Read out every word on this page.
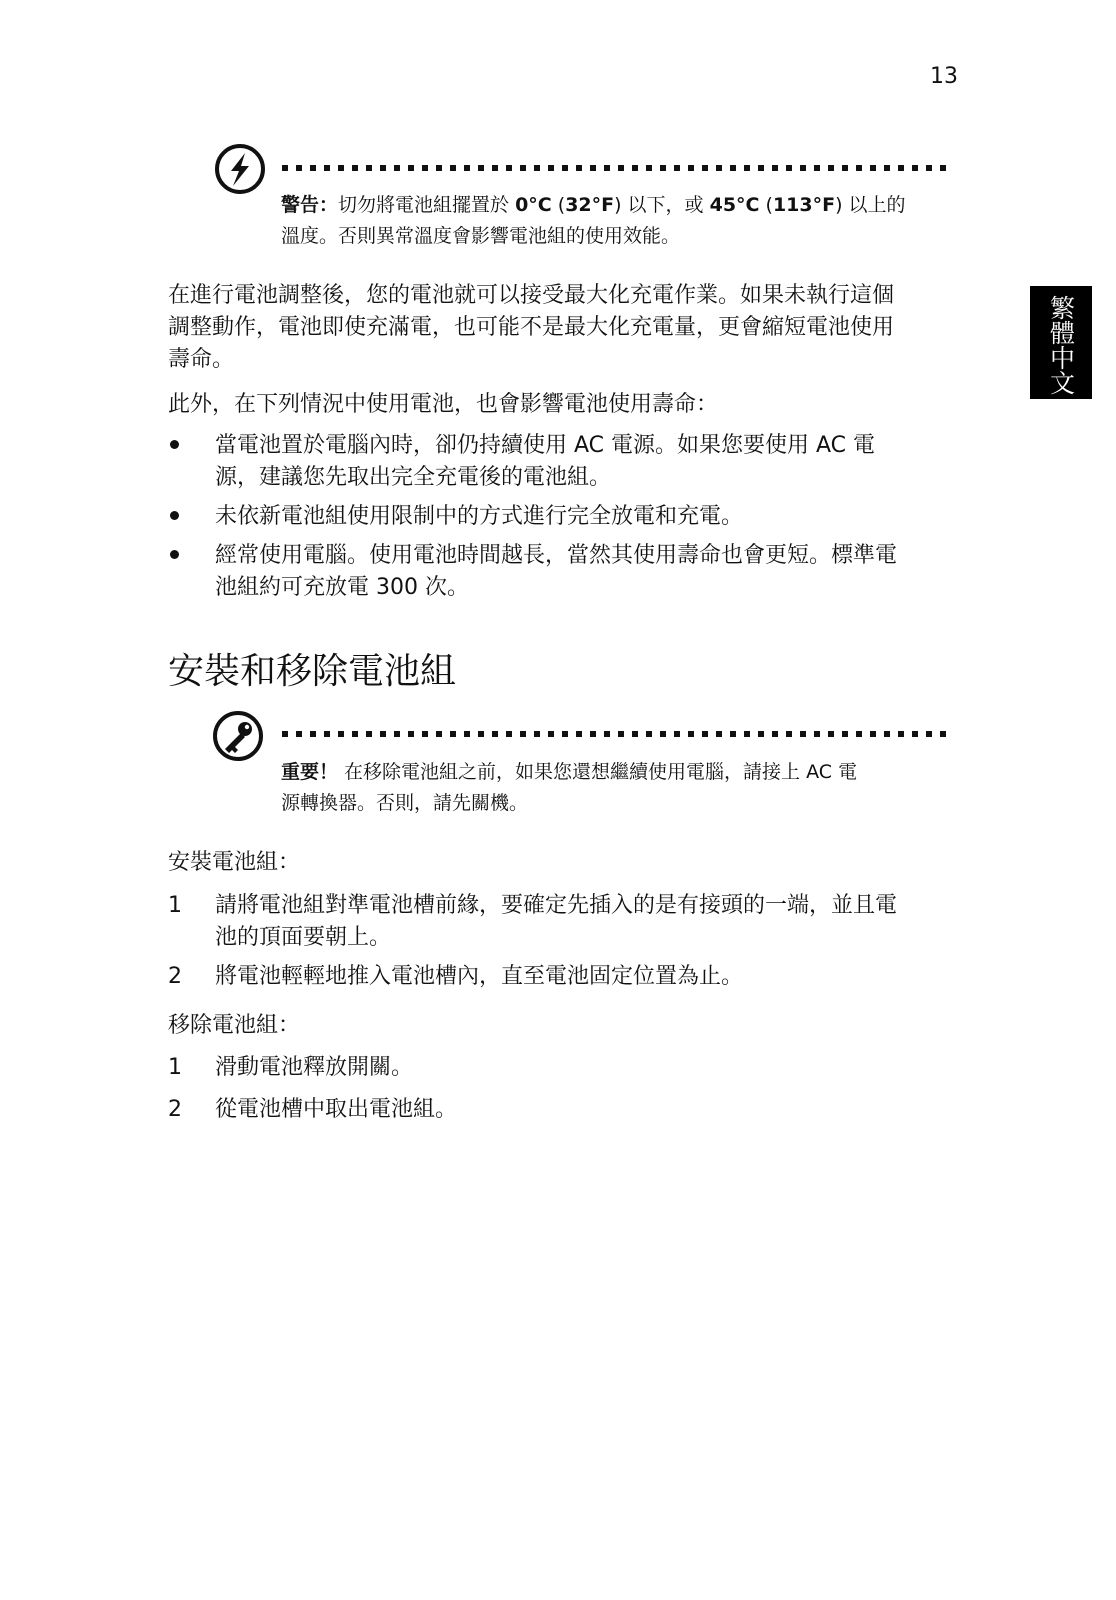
13
繁體中文
警告：切勿將電池組擺置於 0°C (32°F) 以下，或 45°C (113°F) 以上的
溫度。否則異常溫度會影響電池組的使用效能。
在進行電池調整後，您的電池就可以接受最大化充電作業。如果未執行這個
調整動作，電池即使充滿電，也可能不是最大化充電量，更會縮短電池使用
壽命。
此外，在下列情況中使用電池，也會影響電池使用壽命：
當電池置於電腦內時，卻仍持續使用 AC 電源。如果您要使用 AC 電
源，建議您先取出完全充電後的電池組。
未依新電池組使用限制中的方式進行完全放電和充電。
經常使用電腦。使用電池時間越長，當然其使用壽命也會更短。標準電
池組約可充放電 300 次。
安裝和移除電池組
重要！ 在移除電池組之前，如果您還想繼續使用電腦，請接上 AC 電
源轉換器。否則，請先關機。
安裝電池組：
1	請將電池組對準電池槽前緣，要確定先插入的是有接頭的一端，並且電
池的頂面要朝上。
2	將電池輕輕地推入電池槽內，直至電池固定位置為止。
移除電池組：
1	滑動電池釋放開關。
2	從電池槽中取出電池組。
